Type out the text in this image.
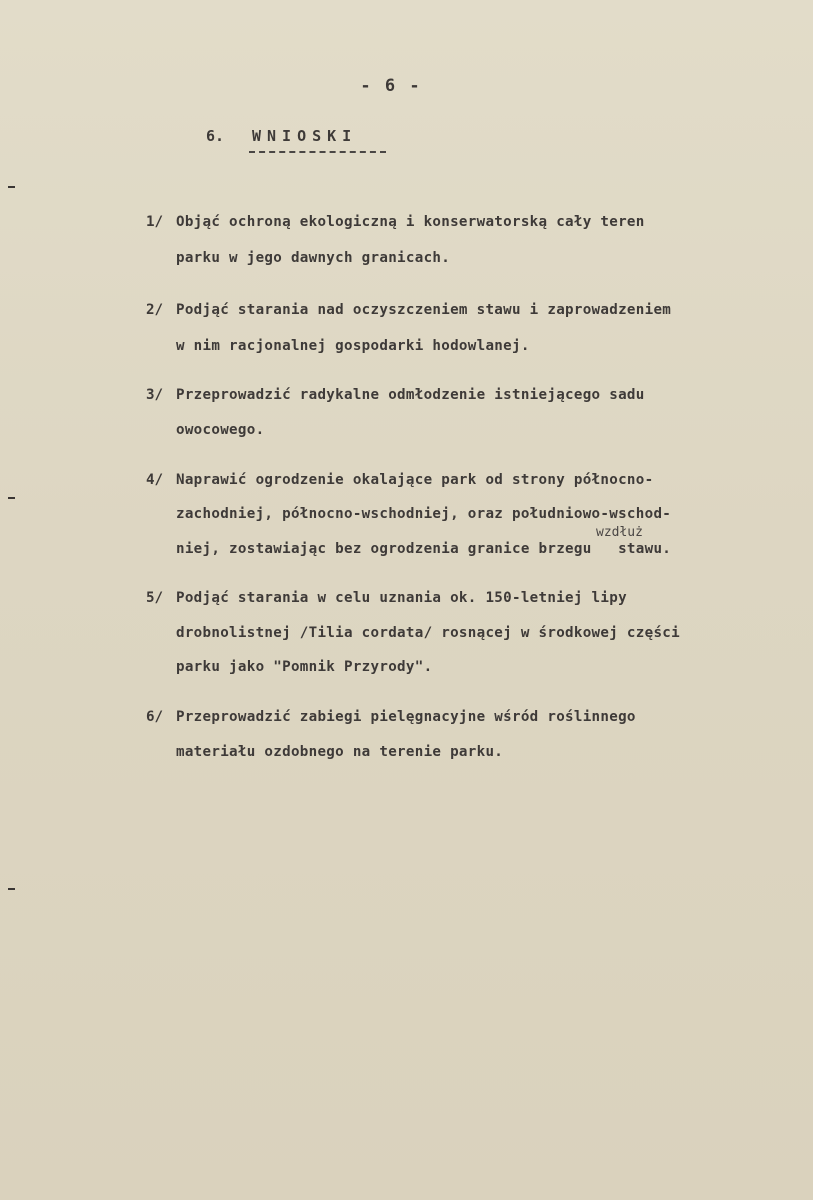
- 6 -
6. WNIOSKI
1/ Objąć ochroną ekologiczną i konserwatorską cały teren
parku w jego dawnych granicach.
2/ Podjąć starania nad oczyszczeniem stawu i zaprowadzeniem
w nim racjonalnej gospodarki hodowlanej.
3/ Przeprowadzić radykalne odmłodzenie istniejącego sadu
owocowego.
4/ Naprawić ogrodzenie okalające park od strony północno-
zachodniej, północno-wschodniej, oraz południowo-wschod-
wzdłuż
niej, zostawiając bez ogrodzenia granice brzegu   stawu.
5/ Podjąć starania w celu uznania ok. 150-letniej lipy
drobnolistnej /Tilia cordata/ rosnącej w środkowej części
parku jako "Pomnik Przyrody".
6/ Przeprowadzić zabiegi pielęgnacyjne wśród roślinnego
materiału ozdobnego na terenie parku.
